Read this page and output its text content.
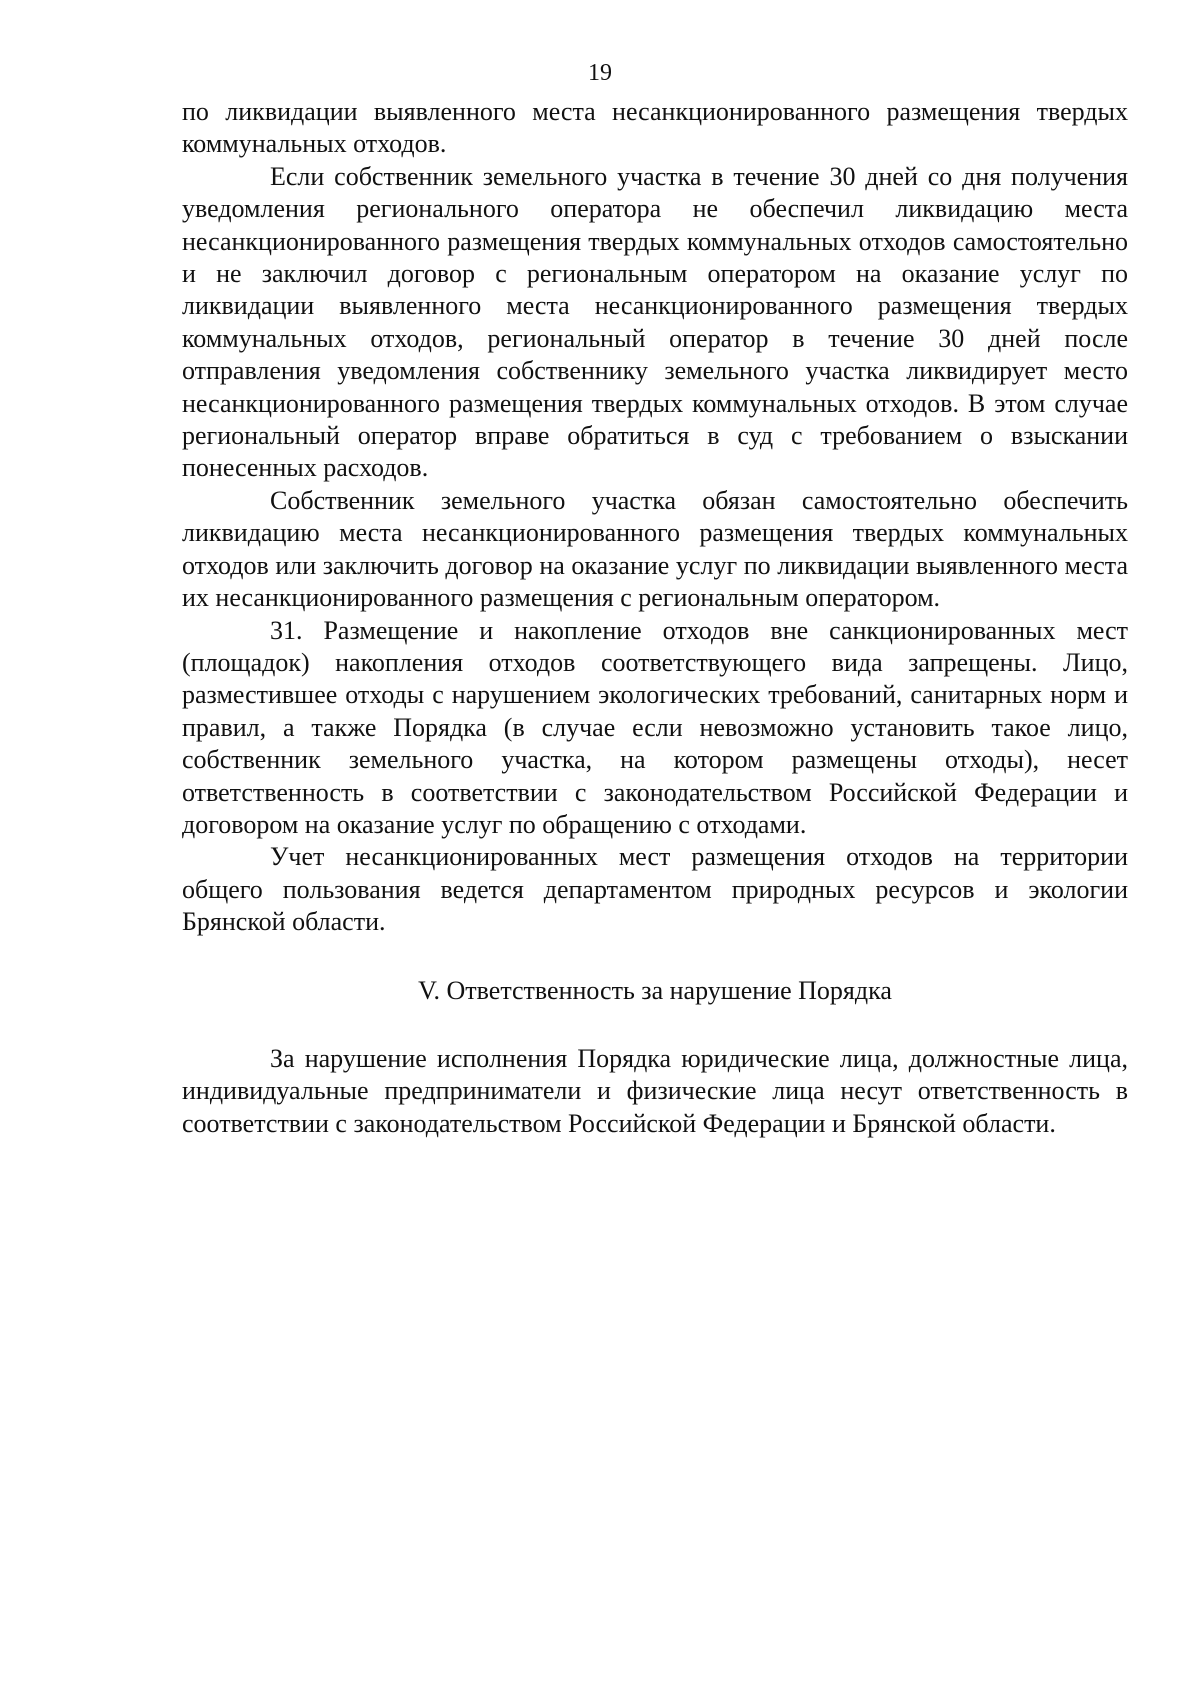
19

по ликвидации выявленного места несанкционированного размещения твердых коммунальных отходов.

Если собственник земельного участка в течение 30 дней со дня получения уведомления регионального оператора не обеспечил ликвидацию места несанкционированного размещения твердых коммунальных отходов самостоятельно и не заключил договор с региональным оператором на оказание услуг по ликвидации выявленного места несанкционированного размещения твердых коммунальных отходов, региональный оператор в течение 30 дней после отправления уведомления собственнику земельного участка ликвидирует место несанкционированного размещения твердых коммунальных отходов. В этом случае региональный оператор вправе обратиться в суд с требованием о взыскании понесенных расходов.

Собственник земельного участка обязан самостоятельно обеспечить ликвидацию места несанкционированного размещения твердых коммунальных отходов или заключить договор на оказание услуг по ликвидации выявленного места их несанкционированного размещения с региональным оператором.

31. Размещение и накопление отходов вне санкционированных мест (площадок) накопления отходов соответствующего вида запрещены. Лицо, разместившее отходы с нарушением экологических требований, санитарных норм и правил, а также Порядка (в случае если невозможно установить такое лицо, собственник земельного участка, на котором размещены отходы), несет ответственность в соответствии с законодательством Российской Федерации и договором на оказание услуг по обращению с отходами.

Учет несанкционированных мест размещения отходов на территории общего пользования ведется департаментом природных ресурсов и экологии Брянской области.

V. Ответственность за нарушение Порядка

За нарушение исполнения Порядка юридические лица, должностные лица, индивидуальные предприниматели и физические лица несут ответственность в соответствии с законодательством Российской Федерации и Брянской области.
